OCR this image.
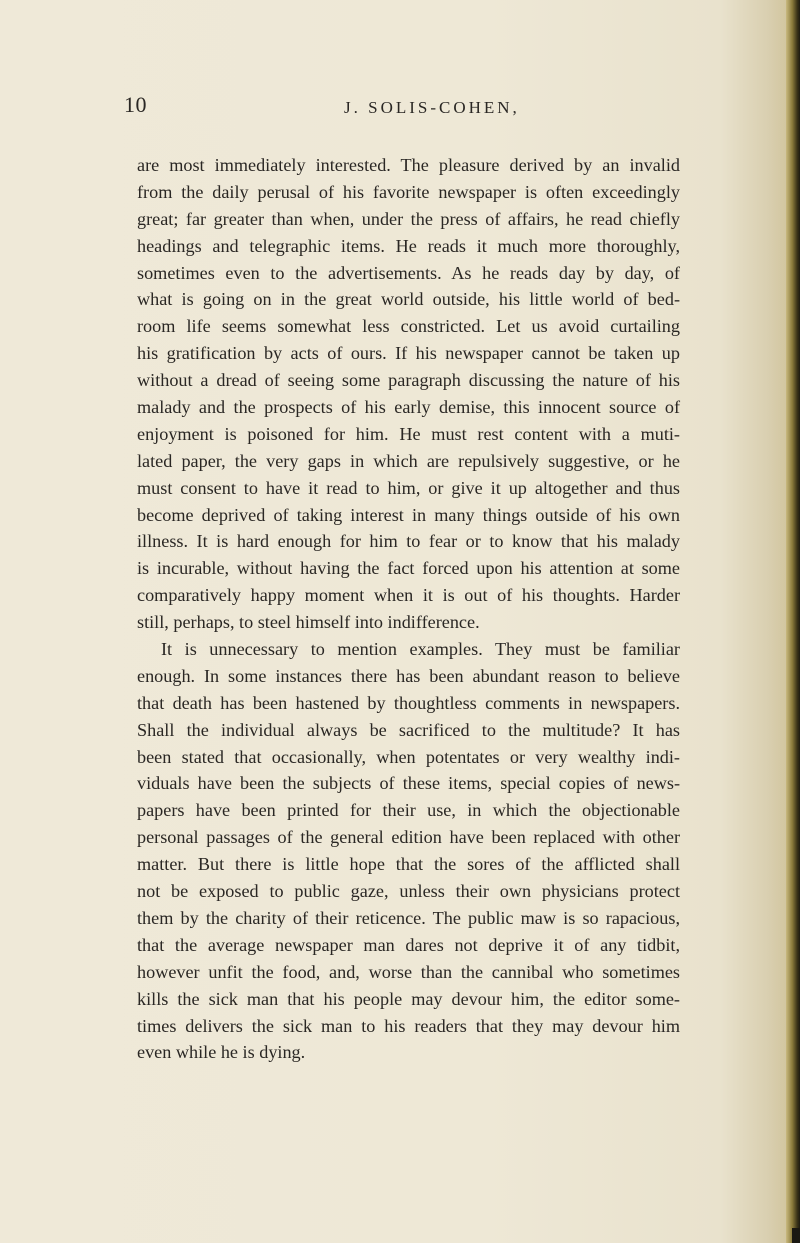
10	J. SOLIS-COHEN,
are most immediately interested. The pleasure derived by an invalid
from the daily perusal of his favorite newspaper is often exceedingly
great; far greater than when, under the press of affairs, he read chiefly
headings and telegraphic items. He reads it much more thoroughly,
sometimes even to the advertisements. As he reads day by day, of
what is going on in the great world outside, his little world of bed-
room life seems somewhat less constricted. Let us avoid curtailing
his gratification by acts of ours. If his newspaper cannot be taken up
without a dread of seeing some paragraph discussing the nature of his
malady and the prospects of his early demise, this innocent source of
enjoyment is poisoned for him. He must rest content with a muti-
lated paper, the very gaps in which are repulsively suggestive, or he
must consent to have it read to him, or give it up altogether and thus
become deprived of taking interest in many things outside of his own
illness. It is hard enough for him to fear or to know that his malady
is incurable, without having the fact forced upon his attention at some
comparatively happy moment when it is out of his thoughts. Harder
still, perhaps, to steel himself into indifference.
It is unnecessary to mention examples. They must be familiar
enough. In some instances there has been abundant reason to believe
that death has been hastened by thoughtless comments in newspapers.
Shall the individual always be sacrificed to the multitude? It has
been stated that occasionally, when potentates or very wealthy indi-
viduals have been the subjects of these items, special copies of news-
papers have been printed for their use, in which the objectionable
personal passages of the general edition have been replaced with other
matter. But there is little hope that the sores of the afflicted shall
not be exposed to public gaze, unless their own physicians protect
them by the charity of their reticence. The public maw is so rapacious,
that the average newspaper man dares not deprive it of any tidbit,
however unfit the food, and, worse than the cannibal who sometimes
kills the sick man that his people may devour him, the editor some-
times delivers the sick man to his readers that they may devour him
even while he is dying.
